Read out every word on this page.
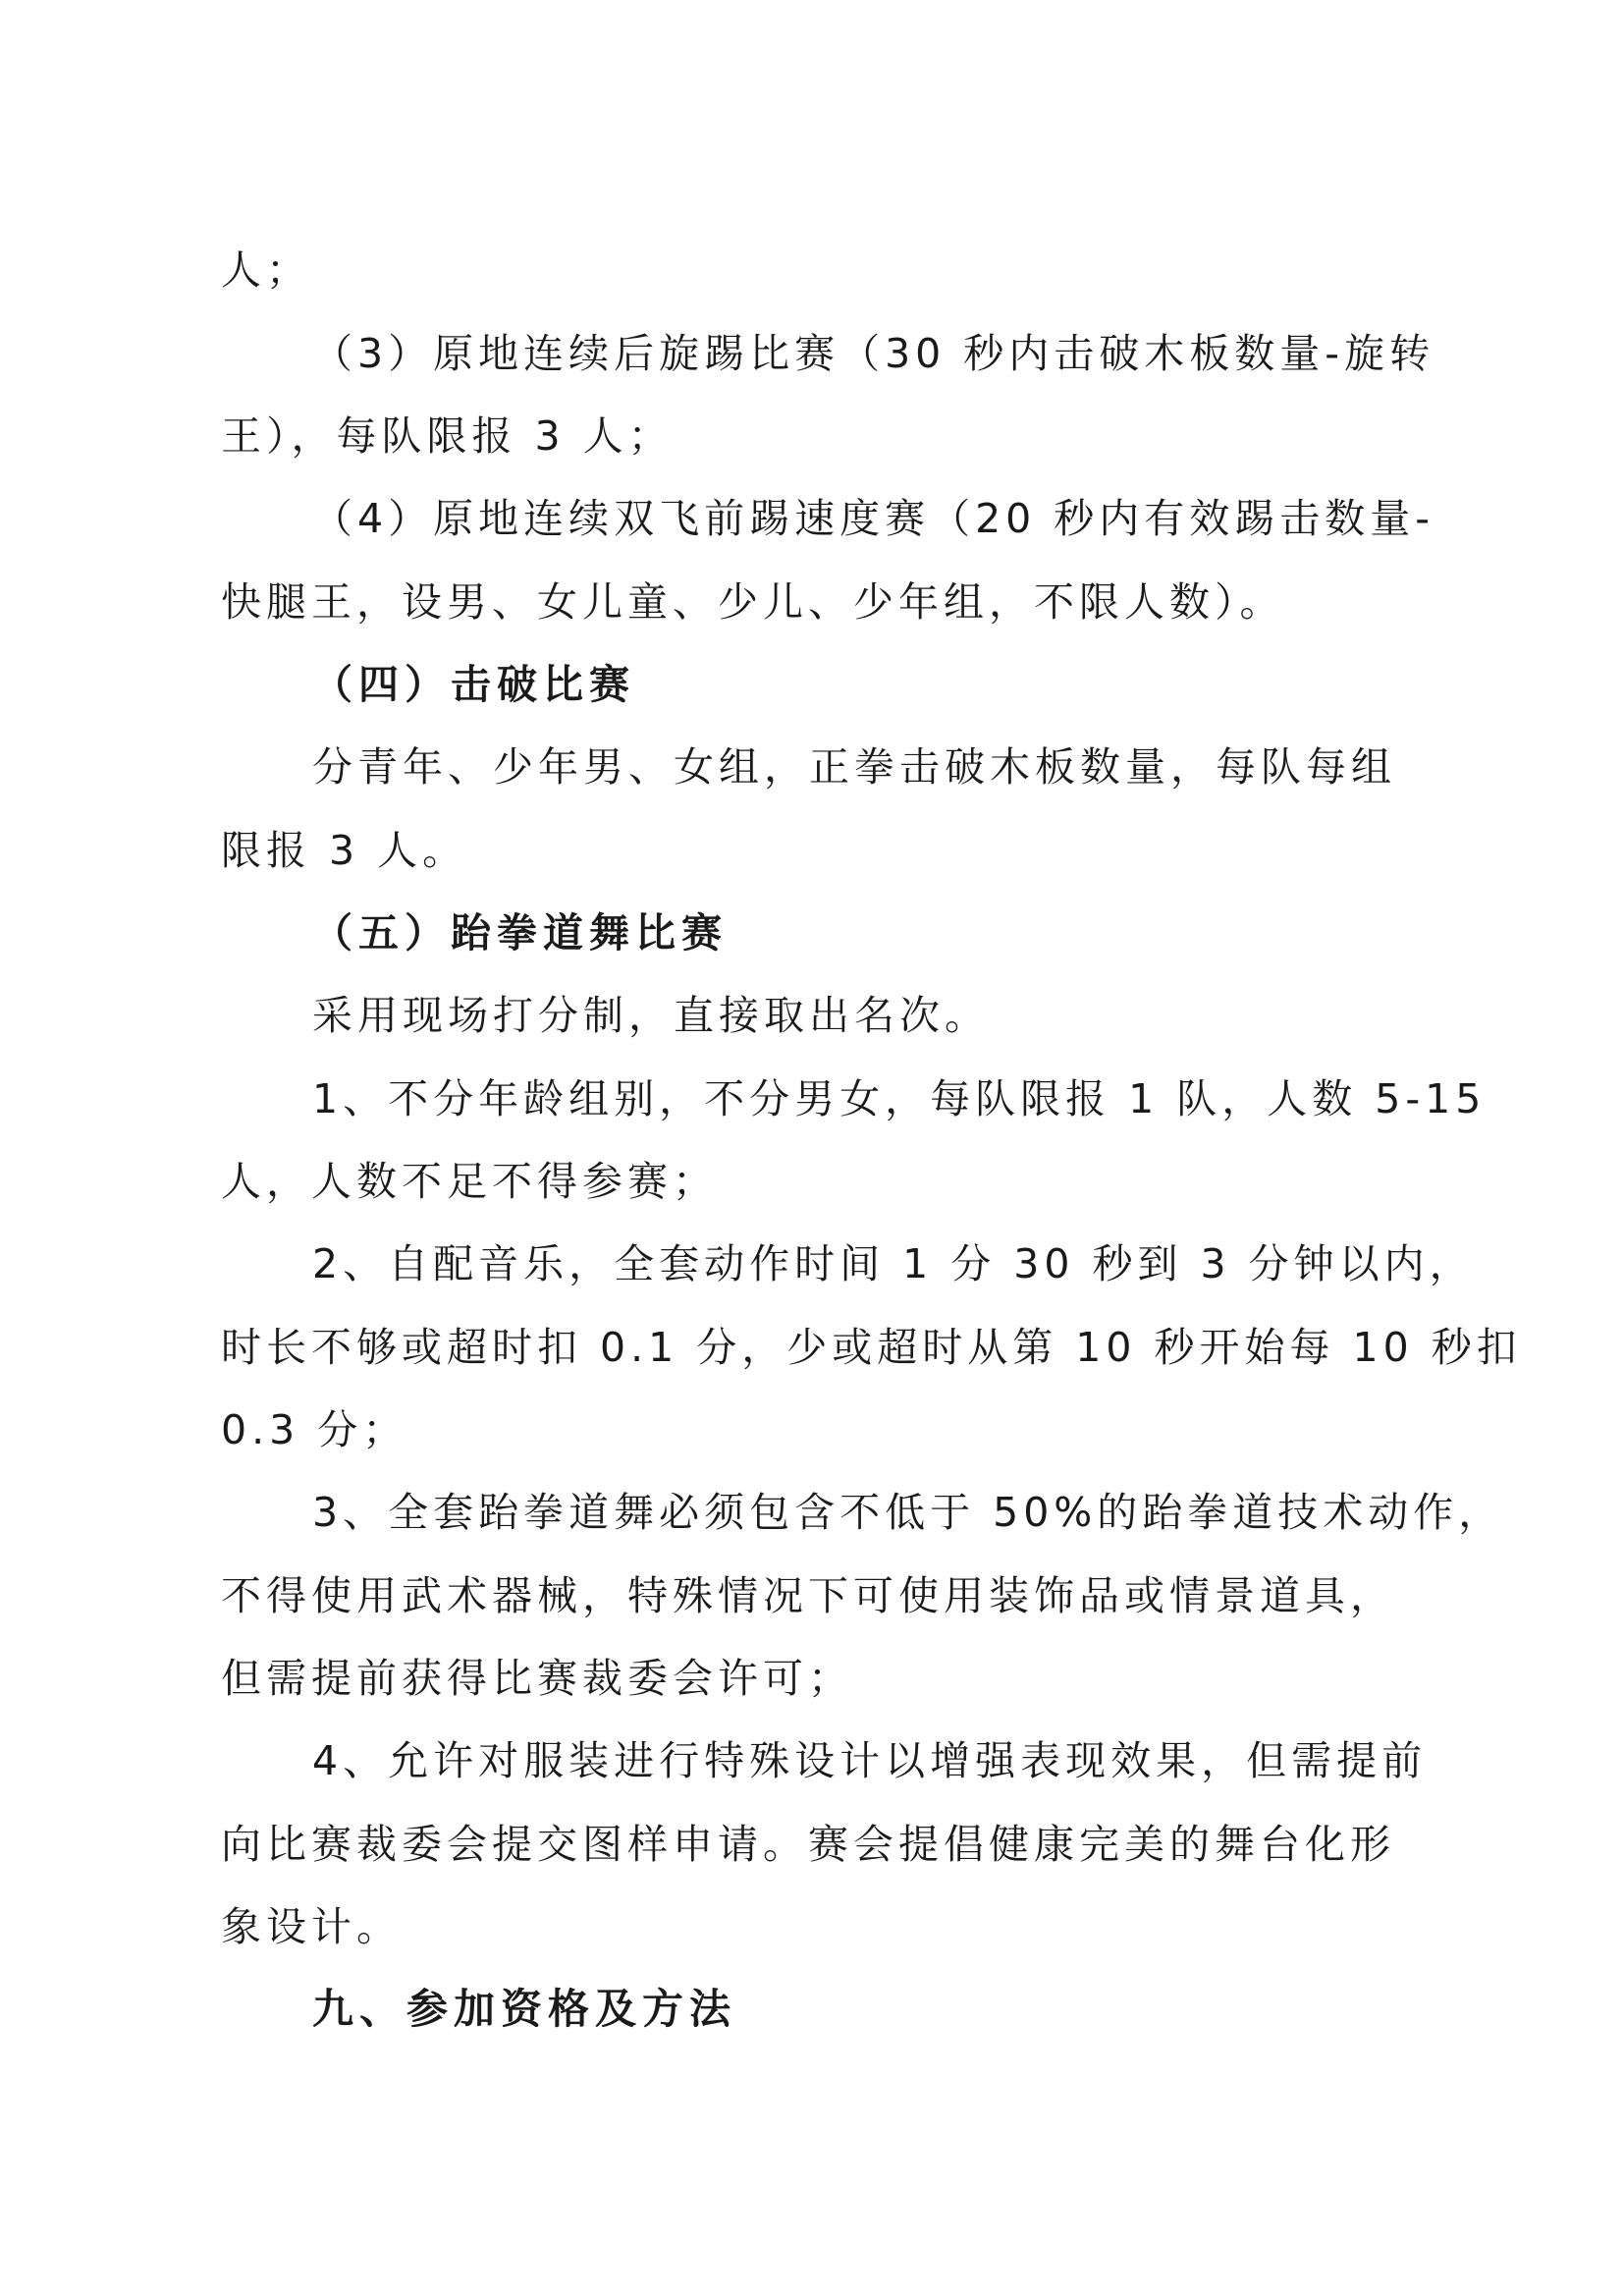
人；
（3）原地连续后旋踢比赛（30 秒内击破木板数量-旋转
王），每队限报 3 人；
（4）原地连续双飞前踢速度赛（20 秒内有效踢击数量-
快腿王，设男、女儿童、少儿、少年组，不限人数）。
（四）击破比赛
分青年、少年男、女组，正拳击破木板数量，每队每组
限报 3 人。
（五）跆拳道舞比赛
采用现场打分制，直接取出名次。
1、不分年龄组别，不分男女，每队限报 1 队，人数 5-15
人，人数不足不得参赛；
2、自配音乐，全套动作时间 1 分 30 秒到 3 分钟以内，
时长不够或超时扣 0.1 分，少或超时从第 10 秒开始每 10 秒扣
0.3 分；
3、全套跆拳道舞必须包含不低于 50%的跆拳道技术动作，
不得使用武术器械，特殊情况下可使用装饰品或情景道具，
但需提前获得比赛裁委会许可；
4、允许对服装进行特殊设计以增强表现效果，但需提前
向比赛裁委会提交图样申请。赛会提倡健康完美的舞台化形
象设计。
九、参加资格及方法
